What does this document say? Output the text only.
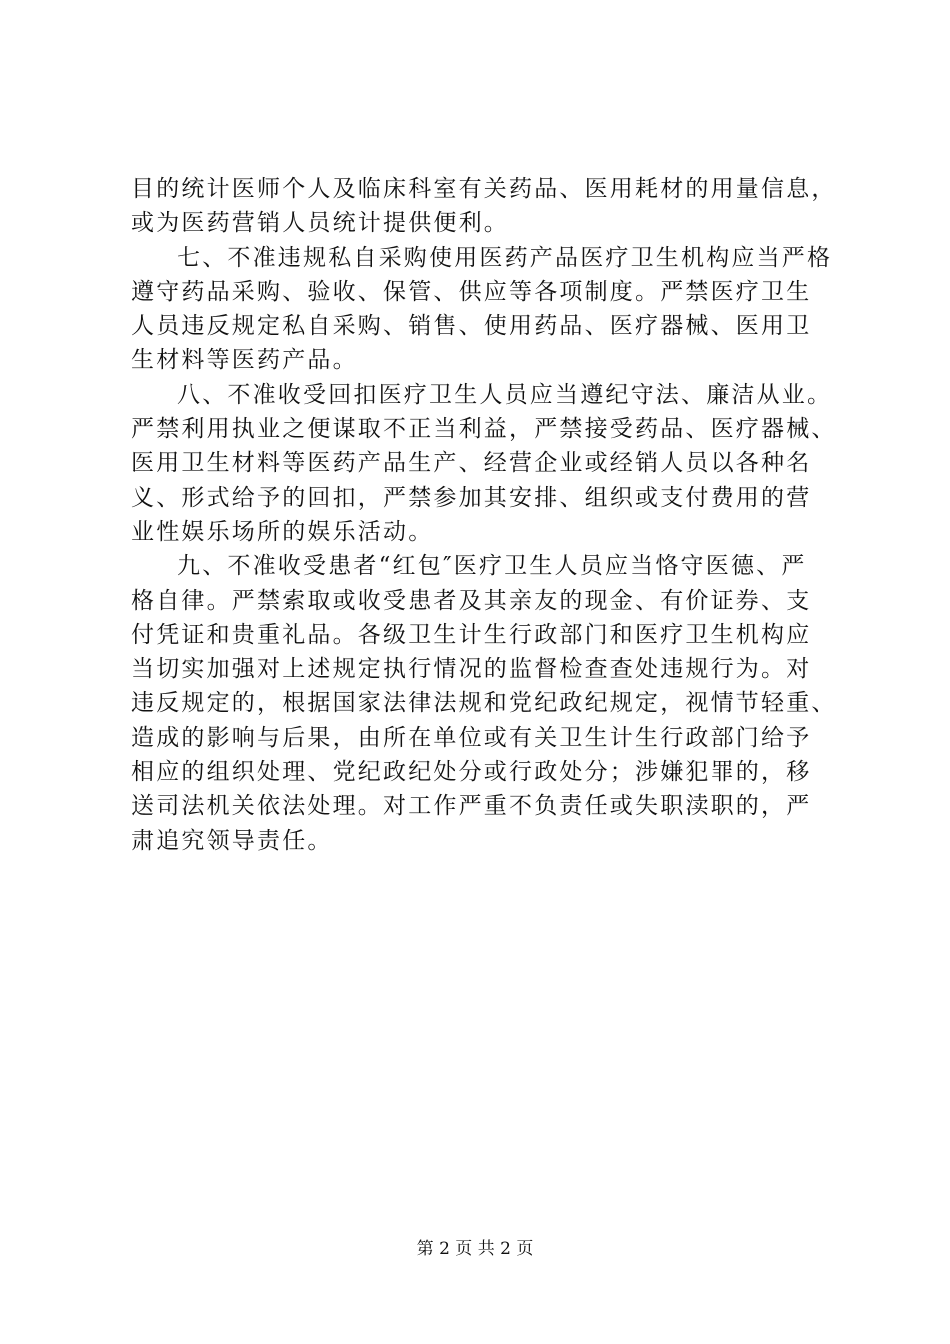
目的统计医师个人及临床科室有关药品、医用耗材的用量信息，
或为医药营销人员统计提供便利。
七、不准违规私自采购使用医药产品医疗卫生机构应当严格
遵守药品采购、验收、保管、供应等各项制度。严禁医疗卫生
人员违反规定私自采购、销售、使用药品、医疗器械、医用卫
生材料等医药产品。
八、不准收受回扣医疗卫生人员应当遵纪守法、廉洁从业。
严禁利用执业之便谋取不正当利益，严禁接受药品、医疗器械、
医用卫生材料等医药产品生产、经营企业或经销人员以各种名
义、形式给予的回扣，严禁参加其安排、组织或支付费用的营
业性娱乐场所的娱乐活动。
九、不准收受患者“红包″医疗卫生人员应当恪守医德、严
格自律。严禁索取或收受患者及其亲友的现金、有价证券、支
付凭证和贵重礼品。各级卫生计生行政部门和医疗卫生机构应
当切实加强对上述规定执行情况的监督检查查处违规行为。对
违反规定的，根据国家法律法规和党纪政纪规定，视情节轻重、
造成的影响与后果，由所在单位或有关卫生计生行政部门给予
相应的组织处理、党纪政纪处分或行政处分；涉嫌犯罪的，移
送司法机关依法处理。对工作严重不负责任或失职渎职的，严
肃追究领导责任。
第 2 页 共 2 页
